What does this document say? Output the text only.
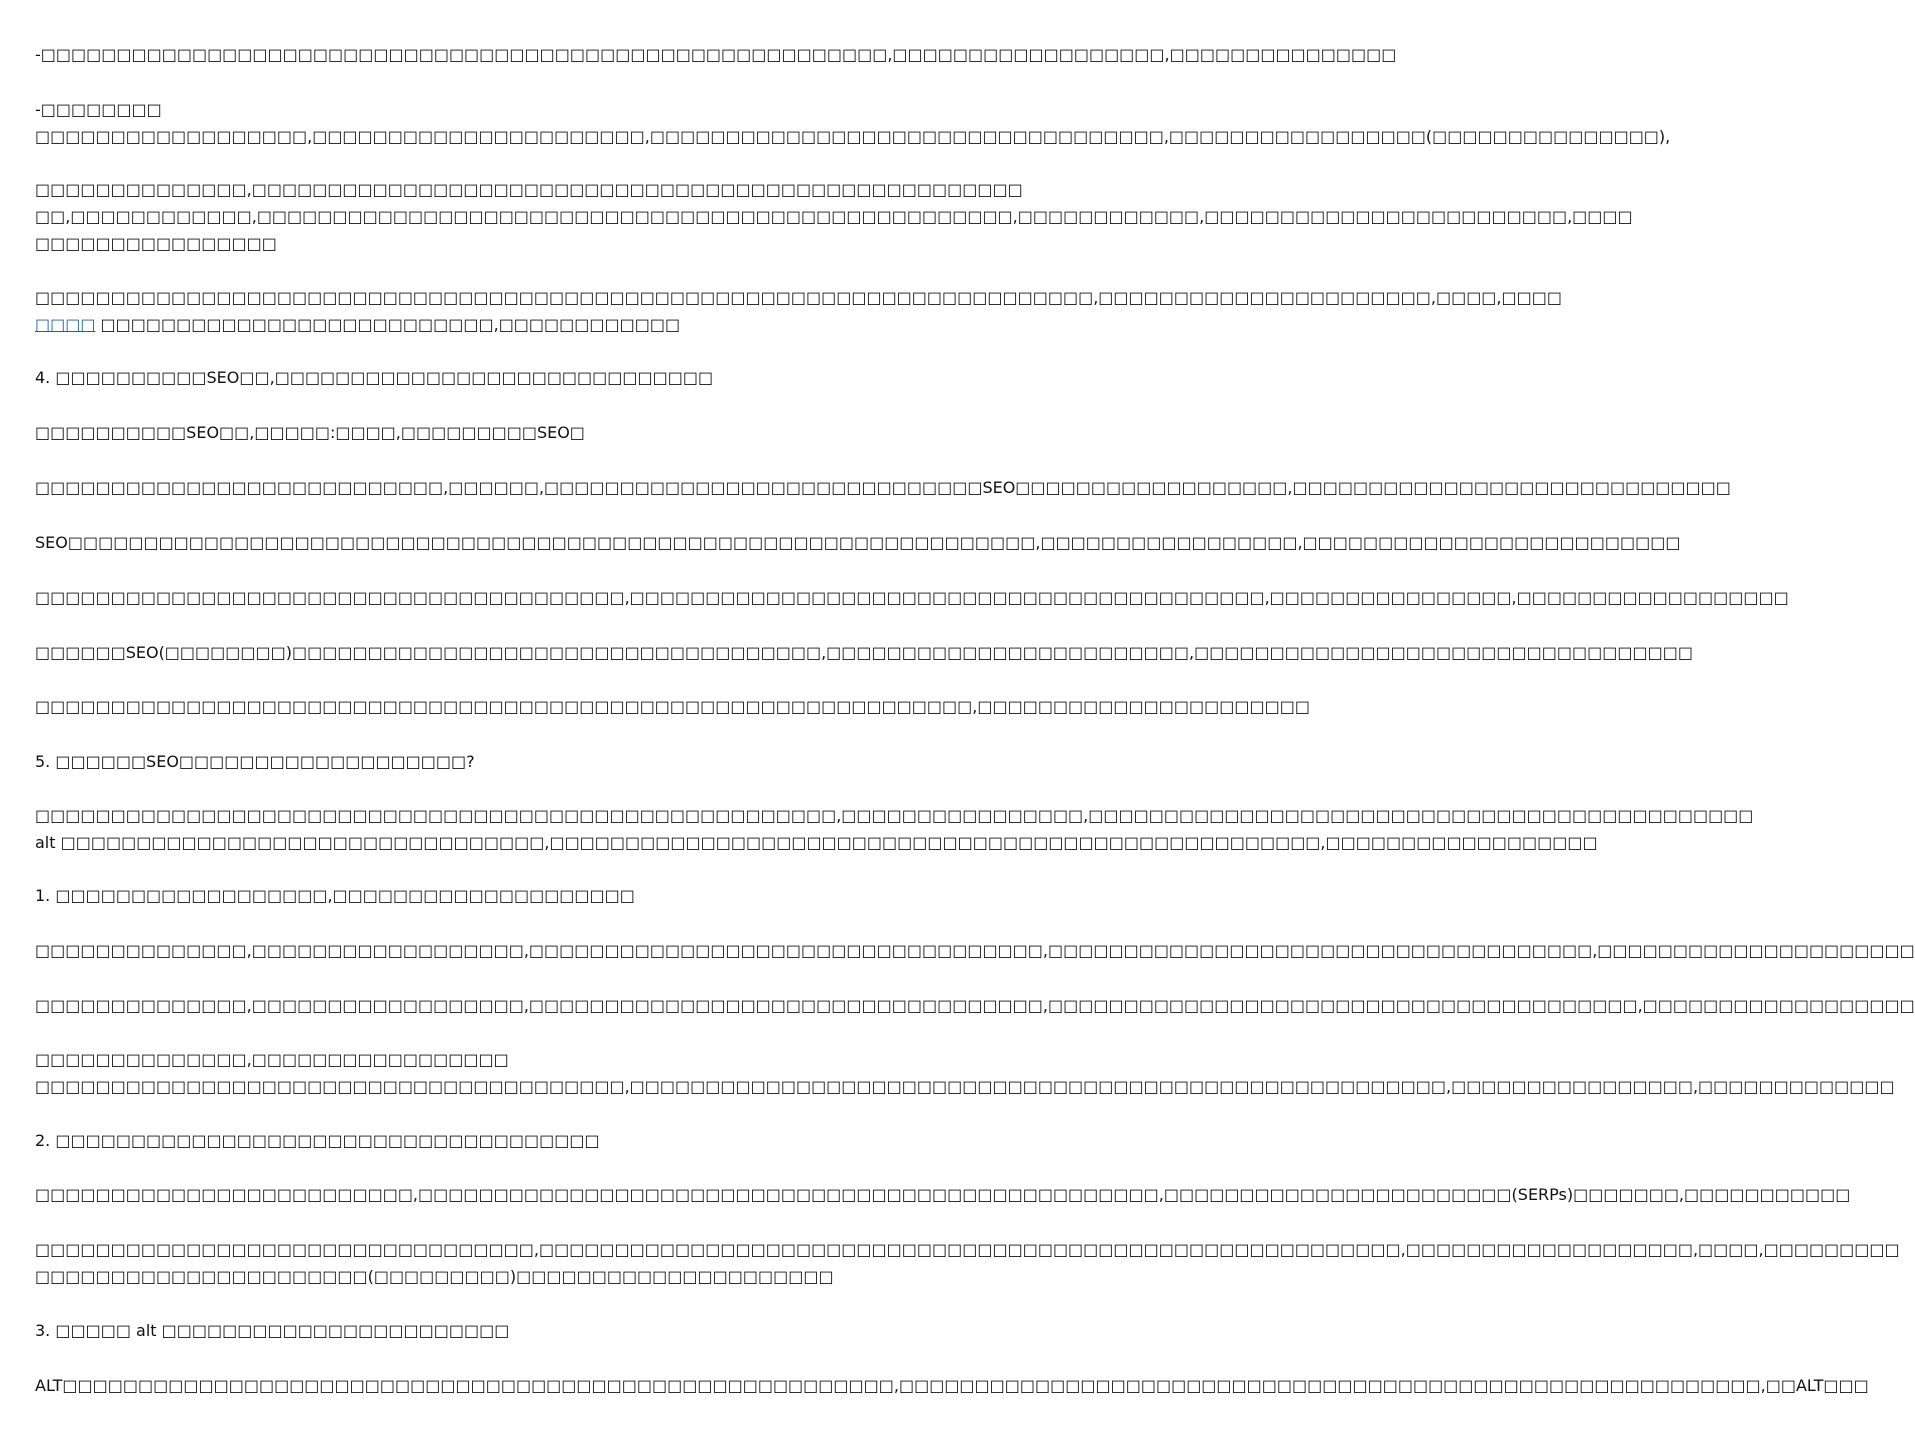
-□□□□□□□□□□□□□□□□□□□□□□□□□□□□□□□□□□□□□□□□□□□□□□□□□□□□□□□□,□□□□□□□□□□□□□□□□□□,□□□□□□□□□□□□□□□
-□□□□□□□□
□□□□□□□□□□□□□□□□□□,□□□□□□□□□□□□□□□□□□□□□□,□□□□□□□□□□□□□□□□□□□□□□□□□□□□□□□□□□,□□□□□□□□□□□□□□□□□(□□□□□□□□□□□□□□□),
□□□□□□□□□□□□□□,□□□□□□□□□□□□□□□□□□□□□□□□□□□□□□□□□□□□□□□□□□□□□□□□□□□
□□,□□□□□□□□□□□□,□□□□□□□□□□□□□□□□□□□□□□□□□□□□□□□□□□□□□□□□□□□□□□□□□□,□□□□□□□□□□□□,□□□□□□□□□□□□□□□□□□□□□□□□,□□□□
□□□□□□□□□□□□□□□□
□□□□□□□□□□□□□□□□□□□□□□□□□□□□□□□□□□□□□□□□□□□□□□□□□□□□□□□□□□□□□□□□□□□□□□,□□□□□□□□□□□□□□□□□□□□□□,□□□□,□□□□
□□□□ □□□□□□□□□□□□□□□□□□□□□□□□□□,□□□□□□□□□□□□
4. □□□□□□□□□□SEO□□,□□□□□□□□□□□□□□□□□□□□□□□□□□□□□
□□□□□□□□□□SEO□□,□□□□□:□□□□,□□□□□□□□□SEO□
□□□□□□□□□□□□□□□□□□□□□□□□□□□,□□□□□□,□□□□□□□□□□□□□□□□□□□□□□□□□□□□□SEO□□□□□□□□□□□□□□□□□□,□□□□□□□□□□□□□□□□□□□□□□□□□□□□□
SEO□□□□□□□□□□□□□□□□□□□□□□□□□□□□□□□□□□□□□□□□□□□□□□□□□□□□□□□□□□□□□□□□,□□□□□□□□□□□□□□□□□,□□□□□□□□□□□□□□□□□□□□□□□□□
□□□□□□□□□□□□□□□□□□□□□□□□□□□□□□□□□□□□□□□,□□□□□□□□□□□□□□□□□□□□□□□□□□□□□□□□□□□□□□□□□□,□□□□□□□□□□□□□□□□,□□□□□□□□□□□□□□□□□□
□□□□□□SEO(□□□□□□□□)□□□□□□□□□□□□□□□□□□□□□□□□□□□□□□□□□□□,□□□□□□□□□□□□□□□□□□□□□□□□,□□□□□□□□□□□□□□□□□□□□□□□□□□□□□□□□□
□□□□□□□□□□□□□□□□□□□□□□□□□□□□□□□□□□□□□□□□□□□□□□□□□□□□□□□□□□□□□□,□□□□□□□□□□□□□□□□□□□□□□
5. □□□□□□SEO□□□□□□□□□□□□□□□□□□□?
□□□□□□□□□□□□□□□□□□□□□□□□□□□□□□□□□□□□□□□□□□□□□□□□□□□□□,□□□□□□□□□□□□□□□□,□□□□□□□□□□□□□□□□□□□□□□□□□□□□□□□□□□□□□□□□□□□□
alt □□□□□□□□□□□□□□□□□□□□□□□□□□□□□□□□,□□□□□□□□□□□□□□□□□□□□□□□□□□□□□□□□□□□□□□□□□□□□□□□□□□□,□□□□□□□□□□□□□□□□□□
1. □□□□□□□□□□□□□□□□□□,□□□□□□□□□□□□□□□□□□□□
□□□□□□□□□□□□□□,□□□□□□□□□□□□□□□□□□,□□□□□□□□□□□□□□□□□□□□□□□□□□□□□□□□□□,□□□□□□□□□□□□□□□□□□□□□□□□□□□□□□□□□□□□,□□□□□□□□□□□□□□□□□□□□□
□□□□□□□□□□□□□□,□□□□□□□□□□□□□□□□□□,□□□□□□□□□□□□□□□□□□□□□□□□□□□□□□□□□□,□□□□□□□□□□□□□□□□□□□□□□□□□□□□□□□□□□□□□□□,□□□□□□□□□□□□□□□□□□
□□□□□□□□□□□□□□,□□□□□□□□□□□□□□□□□
□□□□□□□□□□□□□□□□□□□□□□□□□□□□□□□□□□□□□□□,□□□□□□□□□□□□□□□□□□□□□□□□□□□□□□□□□□□□□□□□□□□□□□□□□□□□□□,□□□□□□□□□□□□□□□□,□□□□□□□□□□□□□
2. □□□□□□□□□□□□□□□□□□□□□□□□□□□□□□□□□□□□
□□□□□□□□□□□□□□□□□□□□□□□□□,□□□□□□□□□□□□□□□□□□□□□□□□□□□□□□□□□□□□□□□□□□□□□□□□□,□□□□□□□□□□□□□□□□□□□□□□□(SERPs)□□□□□□□,□□□□□□□□□□□
□□□□□□□□□□□□□□□□□□□□□□□□□□□□□□□□□,□□□□□□□□□□□□□□□□□□□□□□□□□□□□□□□□□□□□□□□□□□□□□□□□□□□□□□□□□,□□□□□□□□□□□□□□□□□□□,□□□□,□□□□□□□□□
□□□□□□□□□□□□□□□□□□□□□□(□□□□□□□□□)□□□□□□□□□□□□□□□□□□□□□
3. □□□□□ alt □□□□□□□□□□□□□□□□□□□□□□□
ALT□□□□□□□□□□□□□□□□□□□□□□□□□□□□□□□□□□□□□□□□□□□□□□□□□□□□□□□,□□□□□□□□□□□□□□□□□□□□□□□□□□□□□□□□□□□□□□□□□□□□□□□□□□□□□□□□□,□□ALT□□□
